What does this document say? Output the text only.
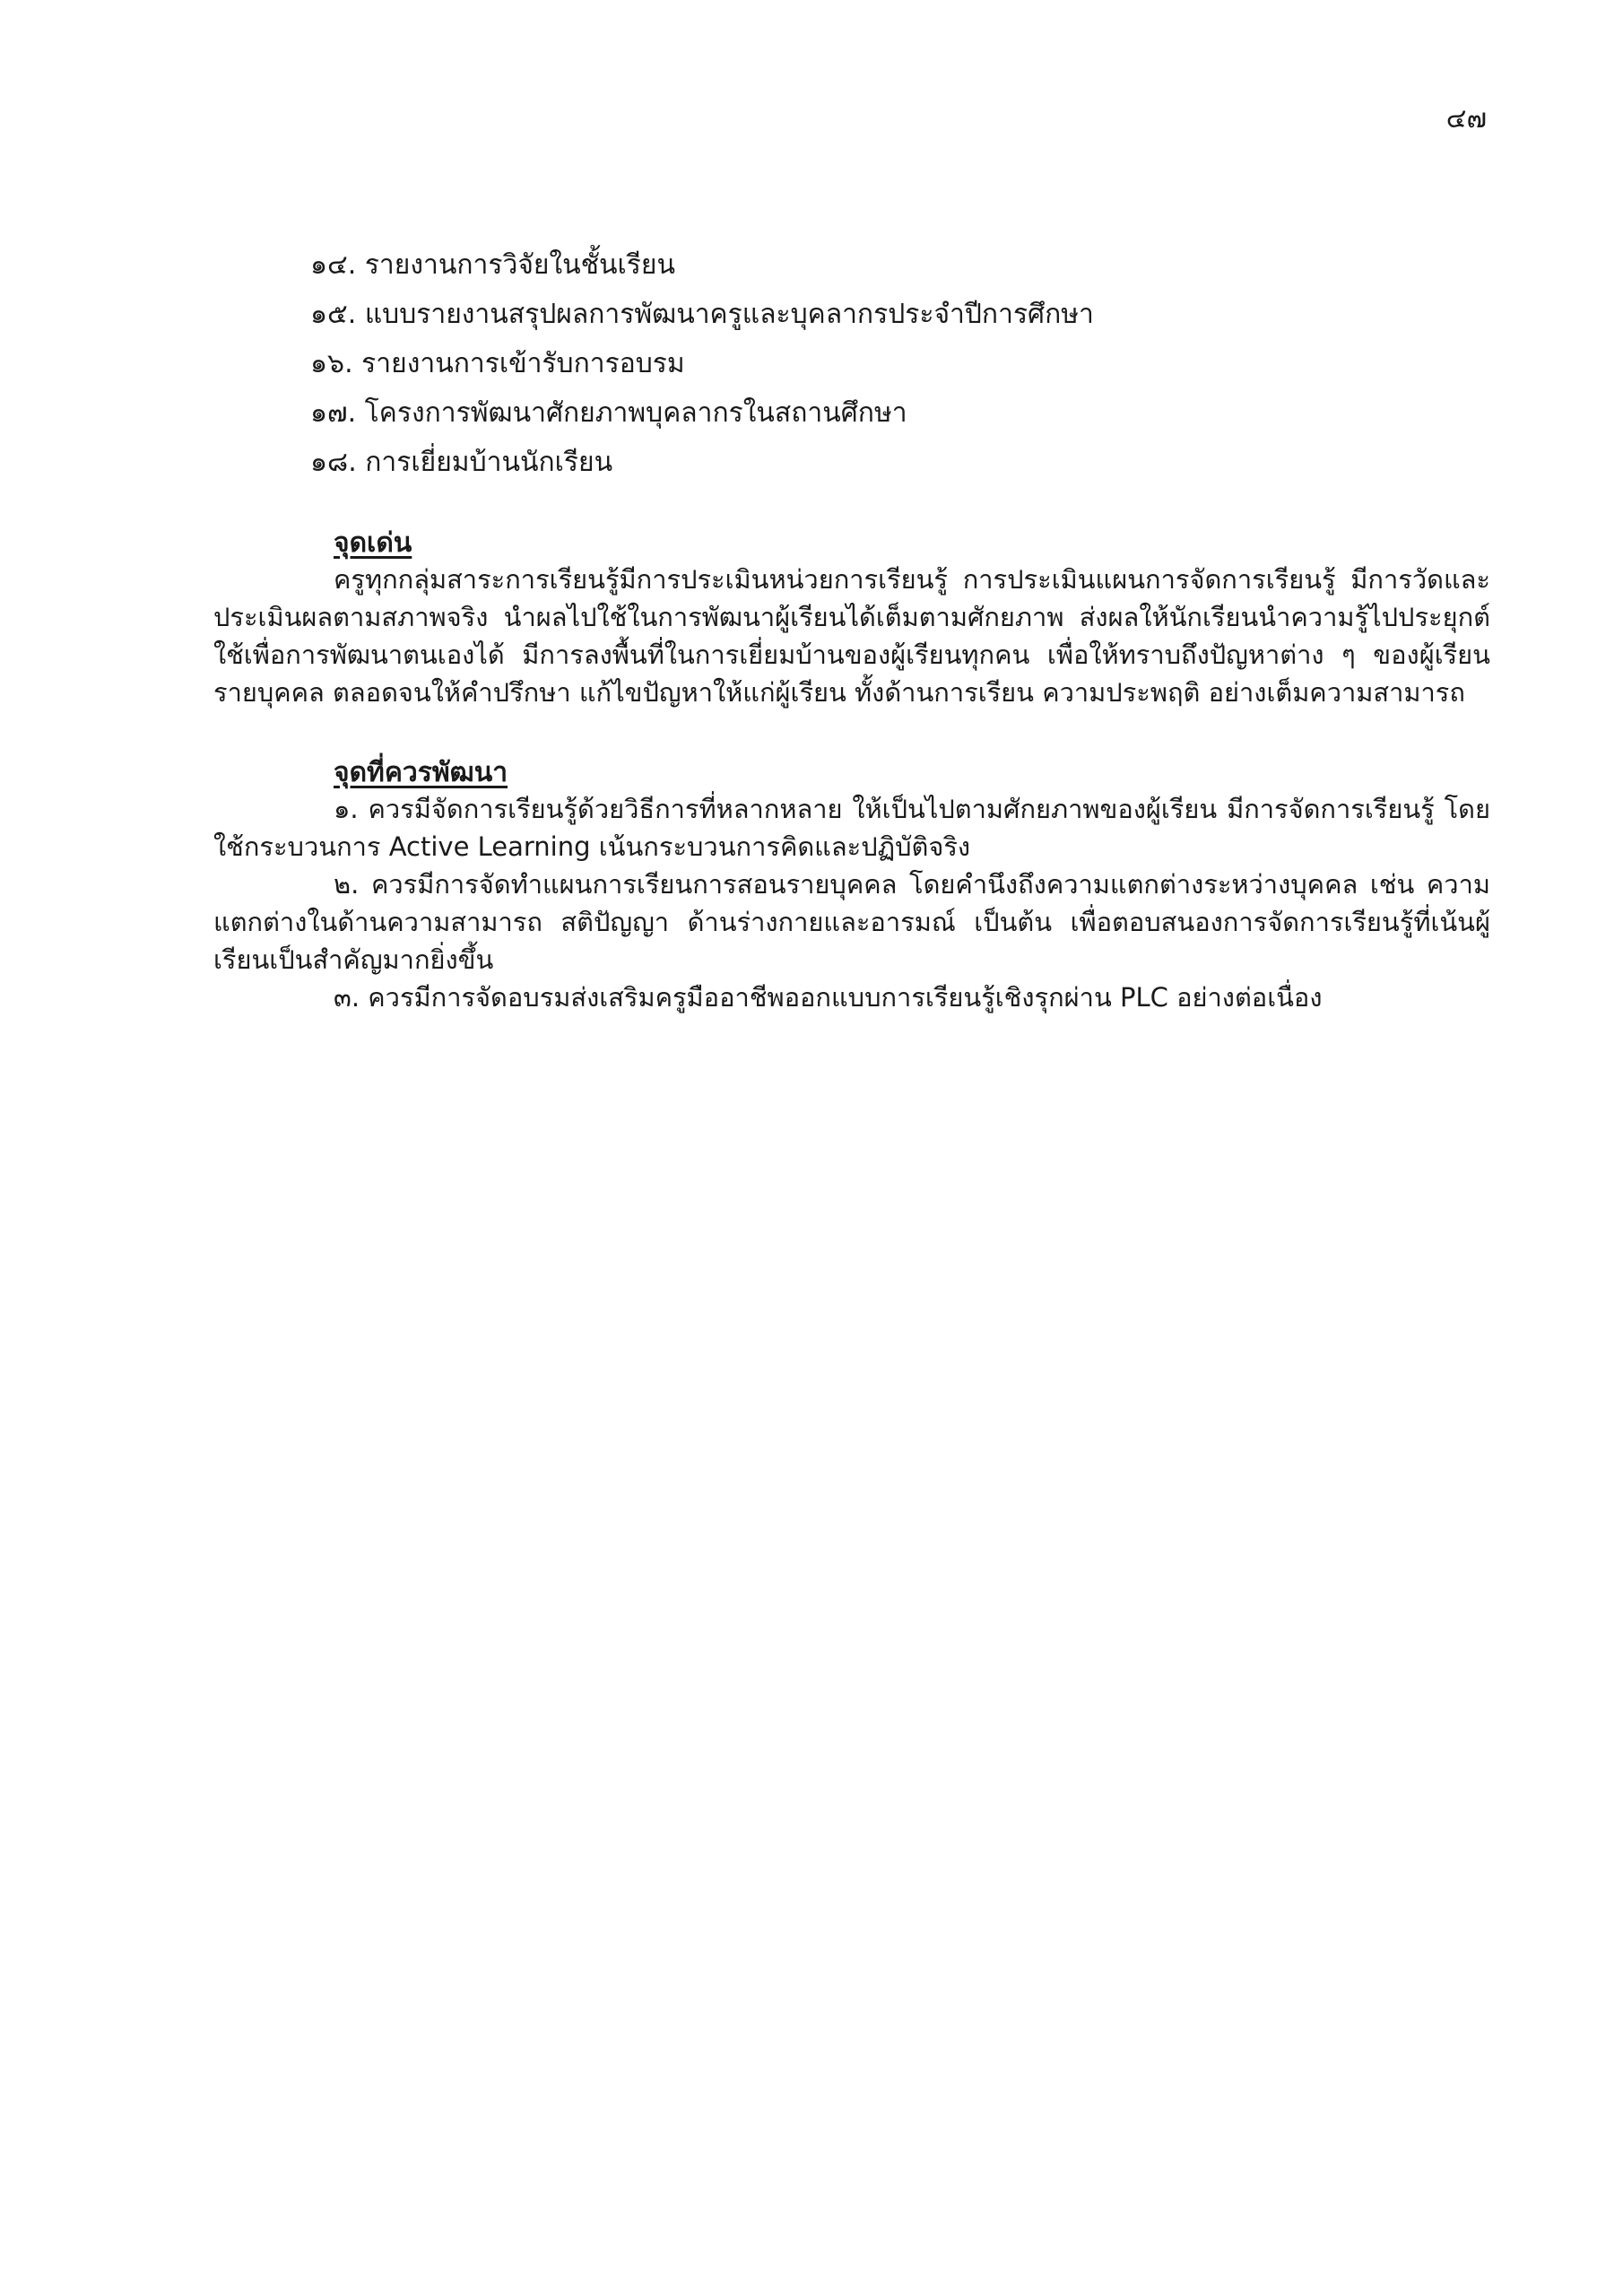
๔๗
๑๔. รายงานการวิจัยในชั้นเรียน
๑๕. แบบรายงานสรุปผลการพัฒนาครูและบุคลากรประจำปีการศึกษา
๑๖. รายงานการเข้ารับการอบรม
๑๗. โครงการพัฒนาศักยภาพบุคลากรในสถานศึกษา
๑๘. การเยี่ยมบ้านนักเรียน
จุดเด่น

ครูทุกกลุ่มสาระการเรียนรู้มีการประเมินหน่วยการเรียนรู้ การประเมินแผนการจัดการเรียนรู้ มีการวัดและประเมินผลตามสภาพจริง นำผลไปใช้ในการพัฒนาผู้เรียนได้เต็มตามศักยภาพ ส่งผลให้นักเรียนนำความรู้ไปประยุกต์ใช้เพื่อการพัฒนาตนเองได้ มีการลงพื้นที่ในการเยี่ยมบ้านของผู้เรียนทุกคน เพื่อให้ทราบถึงปัญหาต่าง ๆ ของผู้เรียนรายบุคคล ตลอดจนให้คำปรึกษา แก้ไขปัญหาให้แก่ผู้เรียน ทั้งด้านการเรียน ความประพฤติ อย่างเต็มความสามารถ

จุดที่ควรพัฒนา

๑. ควรมีจัดการเรียนรู้ด้วยวิธีการที่หลากหลาย ให้เป็นไปตามศักยภาพของผู้เรียน มีการจัดการเรียนรู้ โดยใช้กระบวนการ Active Learning เน้นกระบวนการคิดและปฏิบัติจริง

๒. ควรมีการจัดทำแผนการเรียนการสอนรายบุคคล โดยคำนึงถึงความแตกต่างระหว่างบุคคล เช่น ความแตกต่างในด้านความสามารถ สติปัญญา ด้านร่างกายและอารมณ์ เป็นต้น เพื่อตอบสนองการจัดการเรียนรู้ที่เน้นผู้เรียนเป็นสำคัญมากยิ่งขึ้น

๓. ควรมีการจัดอบรมส่งเสริมครูมืออาชีพออกแบบการเรียนรู้เชิงรุกผ่าน PLC อย่างต่อเนื่อง
